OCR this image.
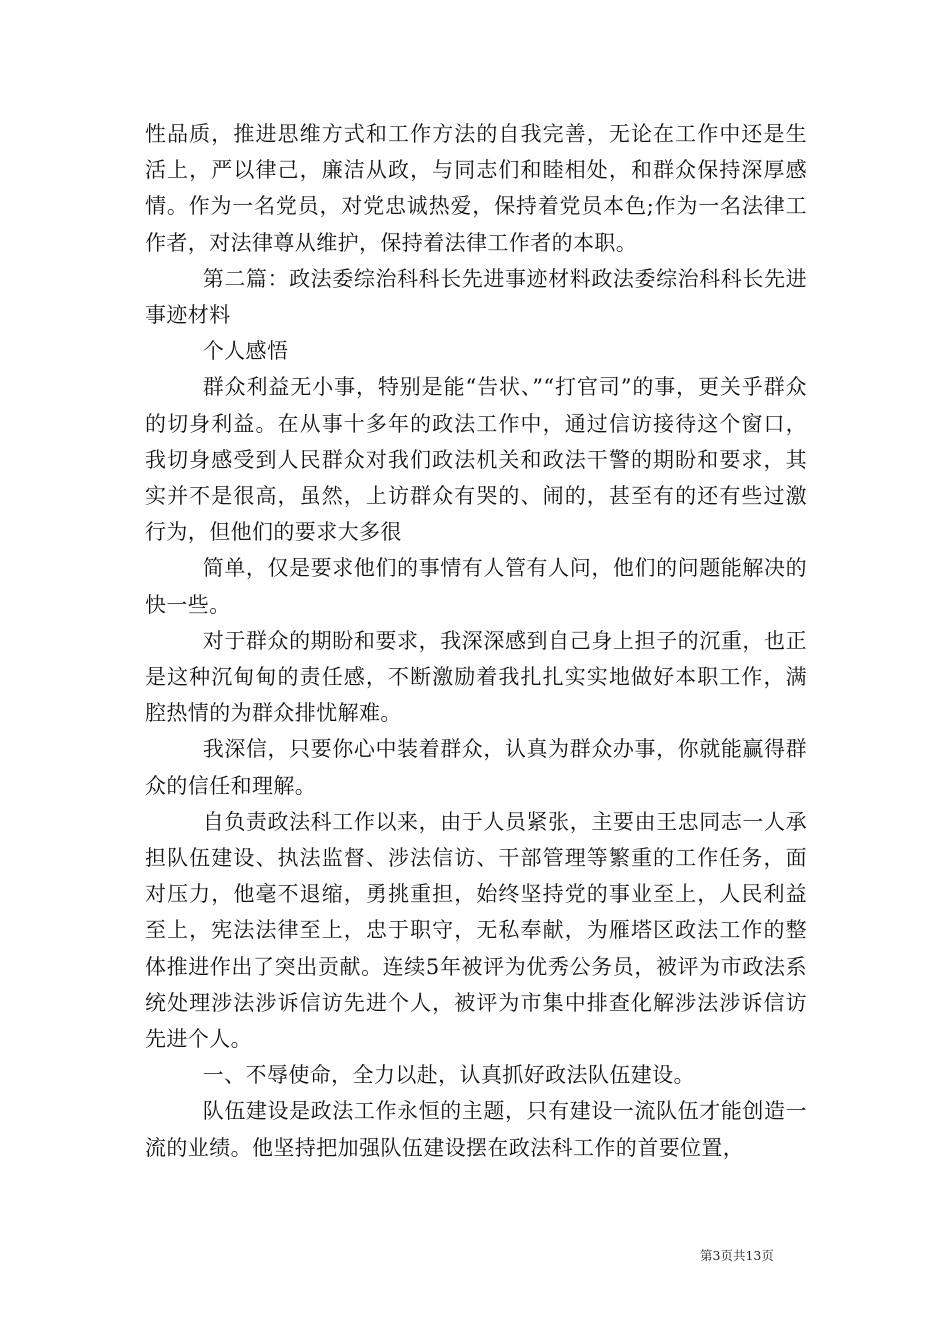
性品质，推进思维方式和工作方法的自我完善，无论在工作中还是生活上，严以律己，廉洁从政，与同志们和睦相处，和群众保持深厚感情。作为一名党员，对党忠诚热爱，保持着党员本色;作为一名法律工作者，对法律尊从维护，保持着法律工作者的本职。

第二篇：政法委综治科科长先进事迹材料政法委综治科科长先进事迹材料

个人感悟

群众利益无小事，特别是能“告状、”“打官司”的事，更关乎群众的切身利益。在从事十多年的政法工作中，通过信访接待这个窗口，我切身感受到人民群众对我们政法机关和政法干警的期盼和要求，其实并不是很高，虽然，上访群众有哭的、闹的，甚至有的还有些过激行为，但他们的要求大多很

简单，仅是要求他们的事情有人管有人问，他们的问题能解决的快一些。

对于群众的期盼和要求，我深深感到自己身上担子的沉重，也正是这种沉甸甸的责任感，不断激励着我扎扎实实地做好本职工作，满腔热情的为群众排忧解难。

我深信，只要你心中装着群众，认真为群众办事，你就能赢得群众的信任和理解。

自负责政法科工作以来，由于人员紧张，主要由王忠同志一人承担队伍建设、执法监督、涉法信访、干部管理等繁重的工作任务，面对压力，他毫不退缩，勇挑重担，始终坚持党的事业至上，人民利益至上，宪法法律至上，忠于职守，无私奉献，为雁塔区政法工作的整体推进作出了突出贡献。连续5年被评为优秀公务员，被评为市政法系统处理涉法涉诉信访先进个人，被评为市集中排查化解涉法涉诉信访先进个人。

一、不辱使命，全力以赴，认真抓好政法队伍建设。

队伍建设是政法工作永恒的主题，只有建设一流队伍才能创造一流的业绩。他坚持把加强队伍建设摆在政法科工作的首要位置，

第3页共13页
